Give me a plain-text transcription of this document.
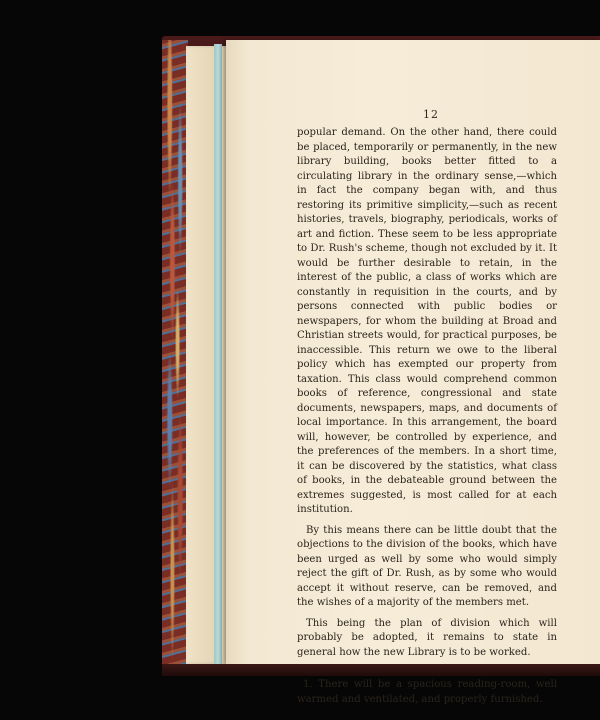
12

popular demand. On the other hand, there could be placed, temporarily or permanently, in the new library building, books better fitted to a circulating library in the ordinary sense,—which in fact the company began with, and thus restoring its primitive simplicity,—such as recent histories, travels, biography, periodicals, works of art and fiction. These seem to be less appropriate to Dr. Rush's scheme, though not excluded by it. It would be further desirable to retain, in the interest of the public, a class of works which are constantly in requisition in the courts, and by persons connected with public bodies or newspapers, for whom the building at Broad and Christian streets would, for practical purposes, be inaccessible. This return we owe to the liberal policy which has exempted our property from taxation. This class would comprehend common books of reference, congressional and state documents, newspapers, maps, and documents of local importance. In this arrangement, the board will, however, be controlled by experience, and the preferences of the members. In a short time, it can be discovered by the statistics, what class of books, in the debateable ground between the extremes suggested, is most called for at each institution.

By this means there can be little doubt that the objections to the division of the books, which have been urged as well by some who would simply reject the gift of Dr. Rush, as by some who would accept it without reserve, can be removed, and the wishes of a majority of the members met.

This being the plan of division which will probably be adopted, it remains to state in general how the new Library is to be worked.

1. There will be a spacious reading-room, well warmed and ventilated, and properly furnished.
